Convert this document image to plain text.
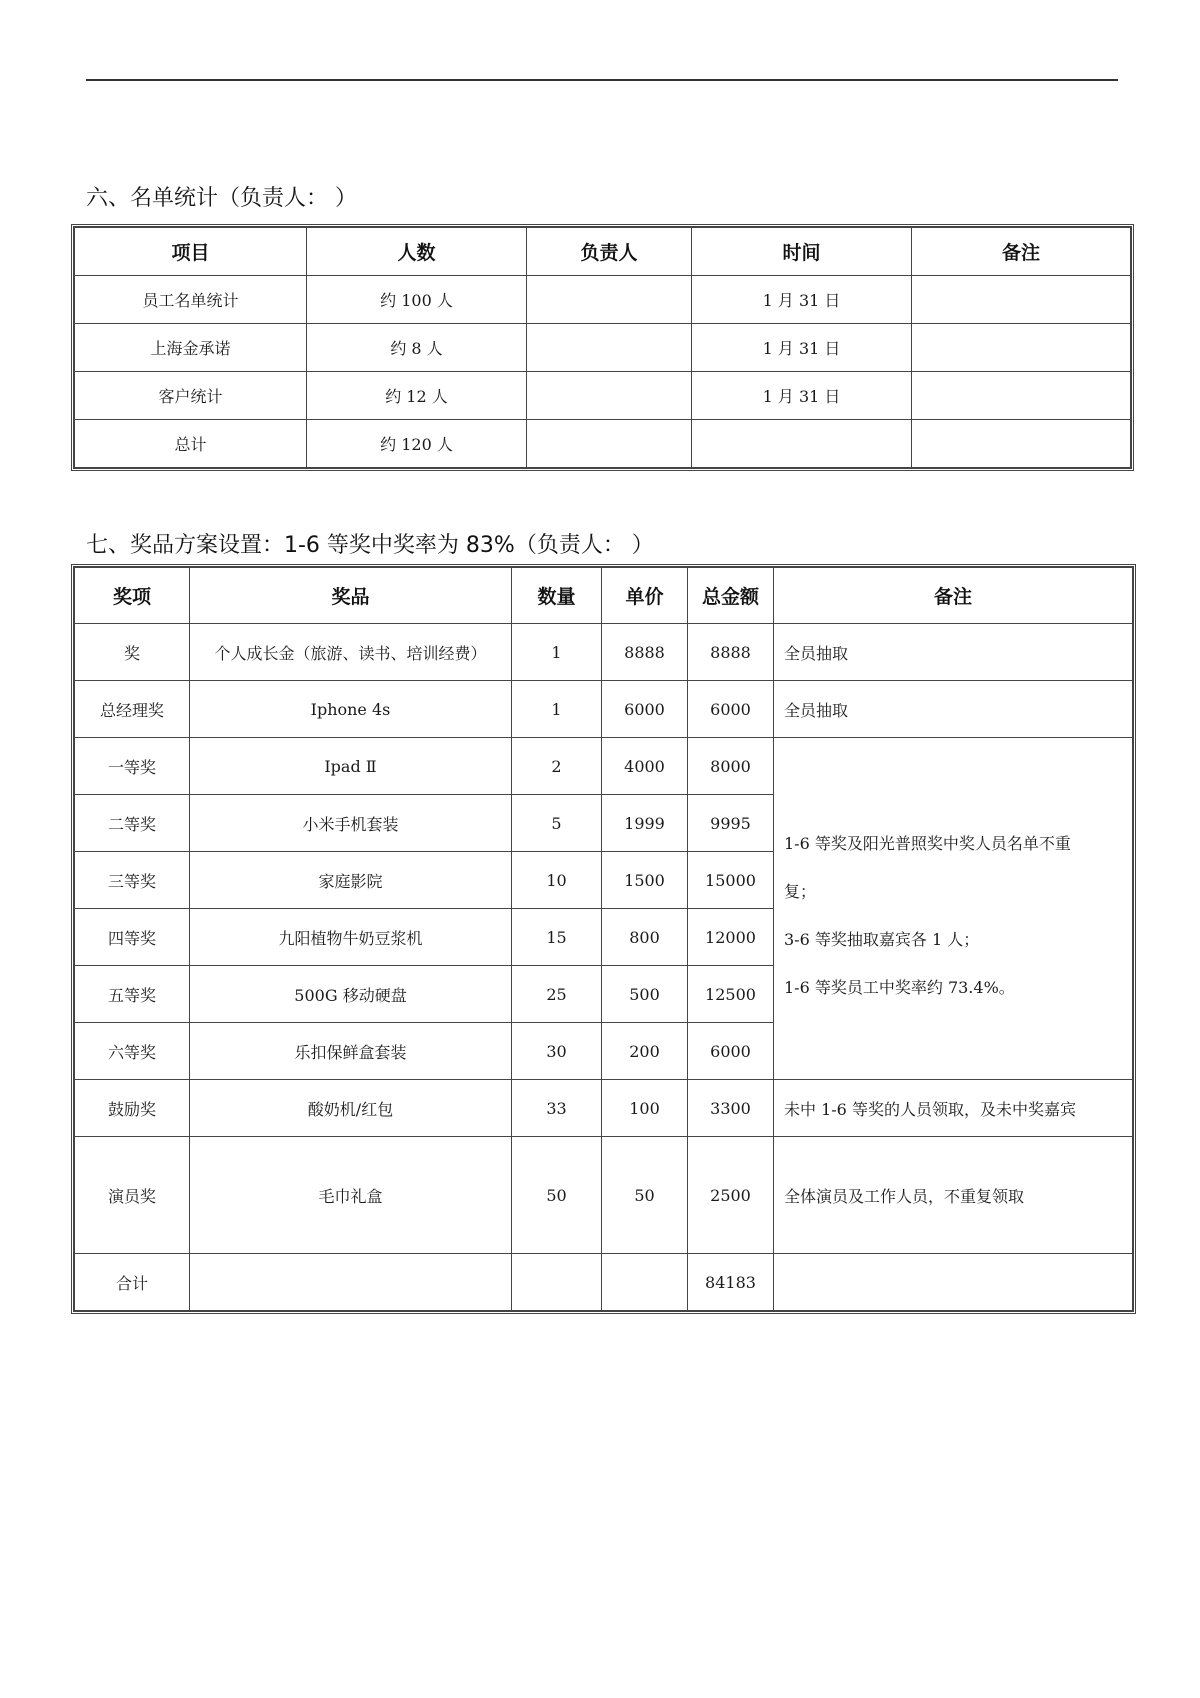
六、名单统计（负责人： ）
项目	人数	负责人	时间	备注
员工名单统计	约 100 人		1 月 31 日	
上海金承诺	约 8 人		1 月 31 日	
客户统计	约 12 人		1 月 31 日	
总计	约 120 人			
七、奖品方案设置：1-6 等奖中奖率为 83%（负责人： ）
奖项	奖品	数量	单价	总金额	备注
奖	个人成长金（旅游、读书、培训经费）	1	8888	8888	全员抽取
总经理奖	Iphone 4s	1	6000	6000	全员抽取
一等奖	Ipad Ⅱ	2	4000	8000	1-6 等奖及阳光普照奖中奖人员名单不重
复；
3-6 等奖抽取嘉宾各 1 人；
1-6 等奖员工中奖率约 73.4%。

二等奖	小米手机套装	5	1999	9995	
三等奖	家庭影院	10	1500	15000	
四等奖	九阳植物牛奶豆浆机	15	800	12000	
五等奖	500G 移动硬盘	25	500	12500	
六等奖	乐扣保鲜盒套装	30	200	6000	
鼓励奖	酸奶机/红包	33	100	3300	未中 1-6 等奖的人员领取，及未中奖嘉宾
演员奖	毛巾礼盒	50	50	2500	全体演员及工作人员，不重复领取
合计				84183	
